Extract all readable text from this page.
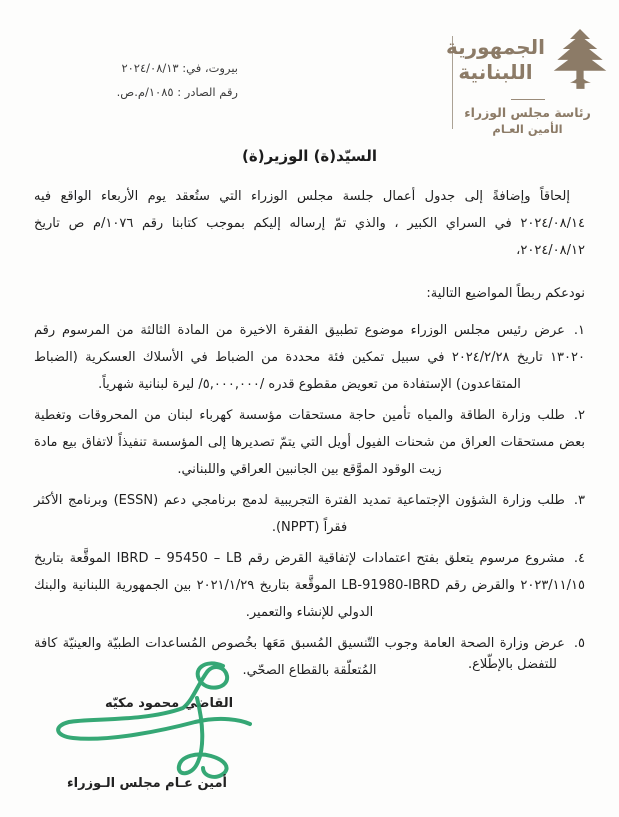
بيروت، في: ٢٠٢٤/٠٨/١٣
رقم الصادر : ١٠٨٥/م.ص.
الجمهورية
اللبنانية
رئاسة مجلس الوزراء
الأمين العـام
السيّد(ة) الوزير(ة)

إلحاقاً وإضافةً إلى جدول أعمال جلسة مجلس الوزراء التي ستُعقد يوم الأربعاء الواقع فيه ٢٠٢٤/٠٨/١٤ في السراي الكبير ، والذي تمّ إرساله إليكم بموجب كتابنا رقم ١٠٧٦/م ص تاريخ ٢٠٢٤/٠٨/١٢،

نودعكم ربطاً المواضيع التالية:

١.عرض رئيس مجلس الوزراء موضوع تطبيق الفقرة الاخيرة من المادة الثالثة من المرسوم رقم ١٣٠٢٠ تاريخ ٢٠٢٤/٢/٢٨ في سبيل تمكين فئة محددة من الضباط في الأسلاك العسكرية (الضباط المتقاعدون) الإستفادة من تعويض مقطوع قدره /٥,٠٠٠,٠٠٠/ ليرة لبنانية شهرياً.
٢.طلب وزارة الطاقة والمياه تأمين حاجة مستحقات مؤسسة كهرباء لبنان من المحروقات وتغطية بعض مستحقات العراق من شحنات الفيول أويل التي يتمّ تصديرها إلى المؤسسة تنفيذاً لاتفاق بيع مادة زيت الوقود الموَّقع بين الجانبين العراقي واللبناني.
٣.طلب وزارة الشؤون الإجتماعية تمديد الفترة التجريبية لدمج برنامجي دعم (ESSN) وبرنامج الأكثر فقراً (NPPT).
٤.مشروع مرسوم يتعلق بفتح اعتمادات لإتفاقية القرض رقم ‎IBRD – 95450 – LB‎ الموقَّعة بتاريخ ٢٠٢٣/١١/١٥ والقرض رقم ‎LB-91980-IBRD‎ الموقَّعة بتاريخ ٢٠٢١/١/٢٩ بين الجمهورية اللبنانية والبنك الدولي للإنشاء والتعمير.
٥.عرض وزارة الصحة العامة وجوب التّنسيق المُسبق مَعَها بخُصوص المُساعدات الطبيّة والعينيّة كافة المُتعلّقة بالقطاع الصحّي.	للتفضل بالإطّلاع.
القاضي محمود مكيّه
أمين عـام مجلس الـوزراء
